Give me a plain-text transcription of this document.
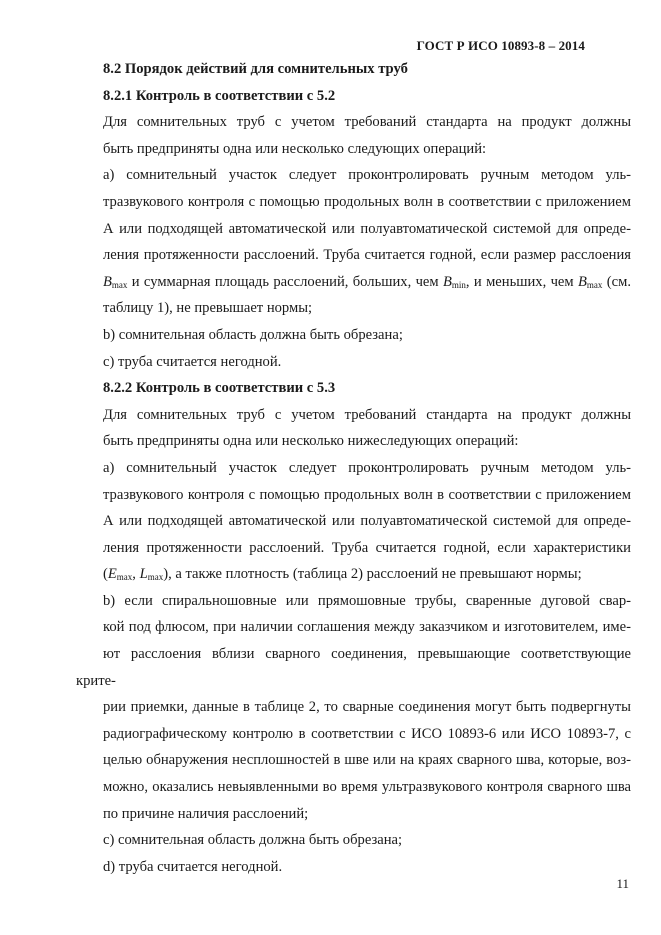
ГОСТ Р ИСО 10893-8 – 2014

8.2 Порядок действий для сомнительных труб

8.2.1 Контроль в соответствии с 5.2

Для сомнительных труб с учетом требований стандарта на продукт должны
быть предприняты одна или несколько следующих операций:
а) сомнительный участок следует проконтролировать ручным методом уль-
тразвукового контроля с помощью продольных волн в соответствии с приложением
А или подходящей автоматической или полуавтоматической системой для опреде-
ления протяженности расслоений. Труба считается годной, если размер расслоения
$B_{max}$ и суммарная площадь расслоений, больших, чем $B_{min}$, и меньших, чем $B_{max}$ (см.
таблицу 1), не превышает нормы;

b) сомнительная область должна быть обрезана;

c) труба считается негодной.

8.2.2 Контроль в соответствии с 5.3

Для сомнительных труб с учетом требований стандарта на продукт должны
быть предприняты одна или несколько нижеследующих операций:
а) сомнительный участок следует проконтролировать ручным методом уль-
тразвукового контроля с помощью продольных волн в соответствии с приложением
А или подходящей автоматической или полуавтоматической системой для опреде-
ления протяженности расслоений. Труба считается годной, если характеристики
($E_{max}$, $L_{max}$), а также плотность (таблица 2) расслоений не превышают нормы;
b) если спиральношовные или прямошовные трубы, сваренные дуговой свар-
кой под флюсом, при наличии соглашения между заказчиком и изготовителем, име-
ют расслоения вблизи сварного соединения, превышающие соответствующие крите-
рии приемки, данные в таблице 2, то сварные соединения могут быть подвергнуты
радиографическому контролю в соответствии с ИСО 10893-6 или ИСО 10893-7, с
целью обнаружения несплошностей в шве или на краях сварного шва, которые, воз-
можно, оказались невыявленными во время ультразвукового контроля сварного шва
по причине наличия расслоений;

c) сомнительная область должна быть обрезана;

d) труба считается негодной.

11
